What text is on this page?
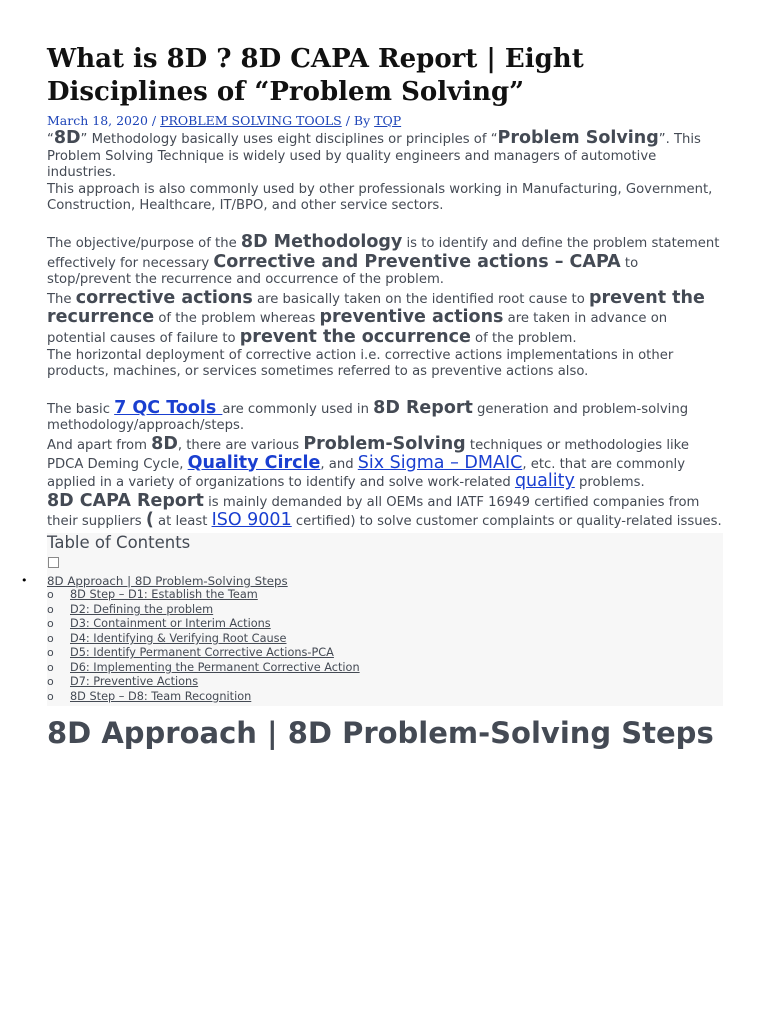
What is 8D ? 8D CAPA Report | Eight Disciplines of “Problem Solving”
March 18, 2020 / PROBLEM SOLVING TOOLS / By TQP

“8D” Methodology basically uses eight disciplines or principles of “Problem Solving”. This Problem Solving Technique is widely used by quality engineers and managers of automotive industries.

This approach is also commonly used by other professionals working in Manufacturing, Government, Construction, Healthcare, IT/BPO, and other service sectors.

The objective/purpose of the 8D Methodology is to identify and define the problem statement effectively for necessary Corrective and Preventive actions – CAPA to stop/prevent the recurrence and occurrence of the problem.

The corrective actions are basically taken on the identified root cause to prevent the recurrence of the problem whereas preventive actions are taken in advance on potential causes of failure to prevent the occurrence of the problem.

The horizontal deployment of corrective action i.e. corrective actions implementations in other products, machines, or services sometimes referred to as preventive actions also.

The basic 7 QC Tools are commonly used in 8D Report generation and problem-solving methodology/approach/steps.

And apart from 8D, there are various Problem-Solving techniques or methodologies like PDCA Deming Cycle, Quality Circle, and Six Sigma – DMAIC, etc. that are commonly applied in a variety of organizations to identify and solve work-related quality problems.

8D CAPA Report is mainly demanded by all OEMs and IATF 16949 certified companies from their suppliers ( at least ISO 9001 certified) to solve customer complaints or quality-related issues.

Table of Contents
• 8D Approach | 8D Problem-Solving Steps
o 8D Step – D1: Establish the Team
o D2: Defining the problem
o D3: Containment or Interim Actions
o D4: Identifying & Verifying Root Cause
o D5: Identify Permanent Corrective Actions-PCA
o D6: Implementing the Permanent Corrective Action
o D7: Preventive Actions
o 8D Step – D8: Team Recognition
8D Approach | 8D Problem-Solving Steps
